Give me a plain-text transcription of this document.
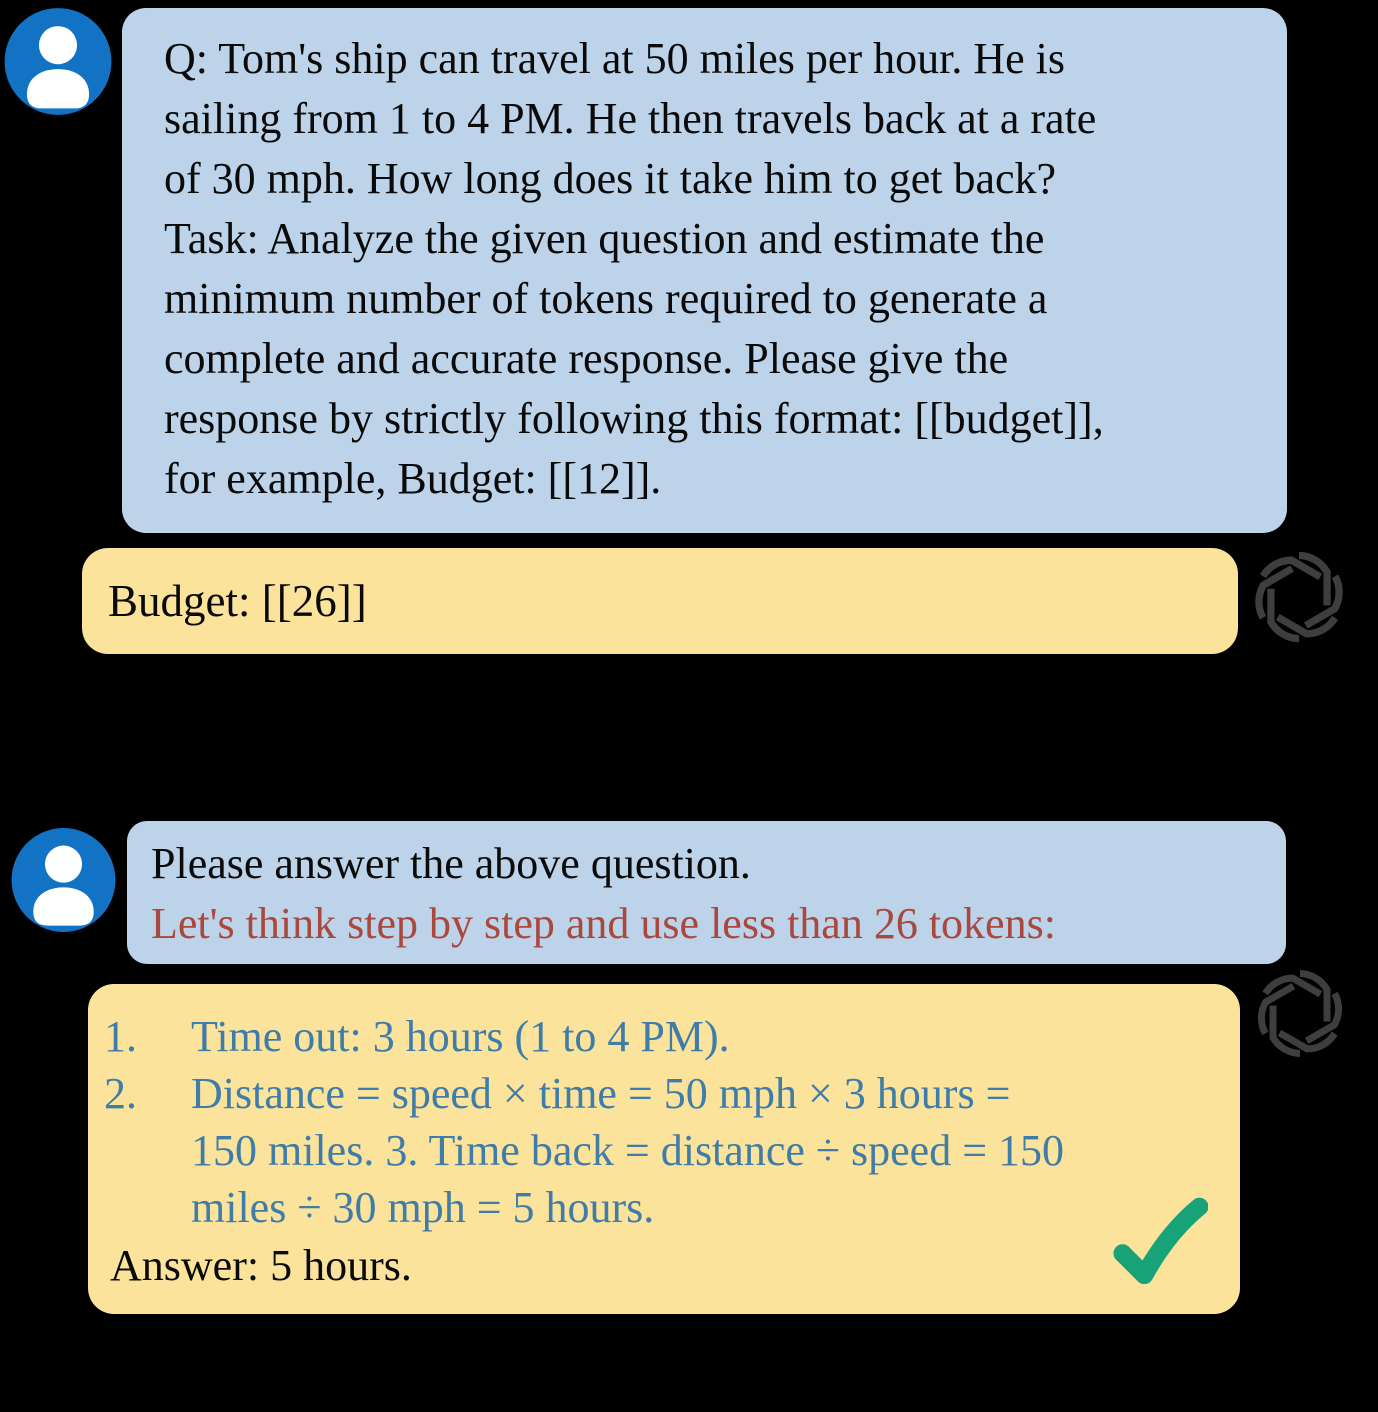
Q: Tom's ship can travel at 50 miles per hour. He is
sailing from 1 to 4 PM. He then travels back at a rate
of 30 mph. How long does it take him to get back?
Task: Analyze the given question and estimate the
minimum number of tokens required to generate a
complete and accurate response. Please give the
response by strictly following this format: [[budget]],
for example, Budget: [[12]].
Budget: [[26]]
Please answer the above question.
Let's think step by step and use less than 26 tokens:
1.	Time out: 3 hours (1 to 4 PM).
2.	Distance = speed × time = 50 mph × 3 hours =
150 miles. 3. Time back = distance ÷ speed = 150
miles ÷ 30 mph = 5 hours.
Answer: 5 hours.
